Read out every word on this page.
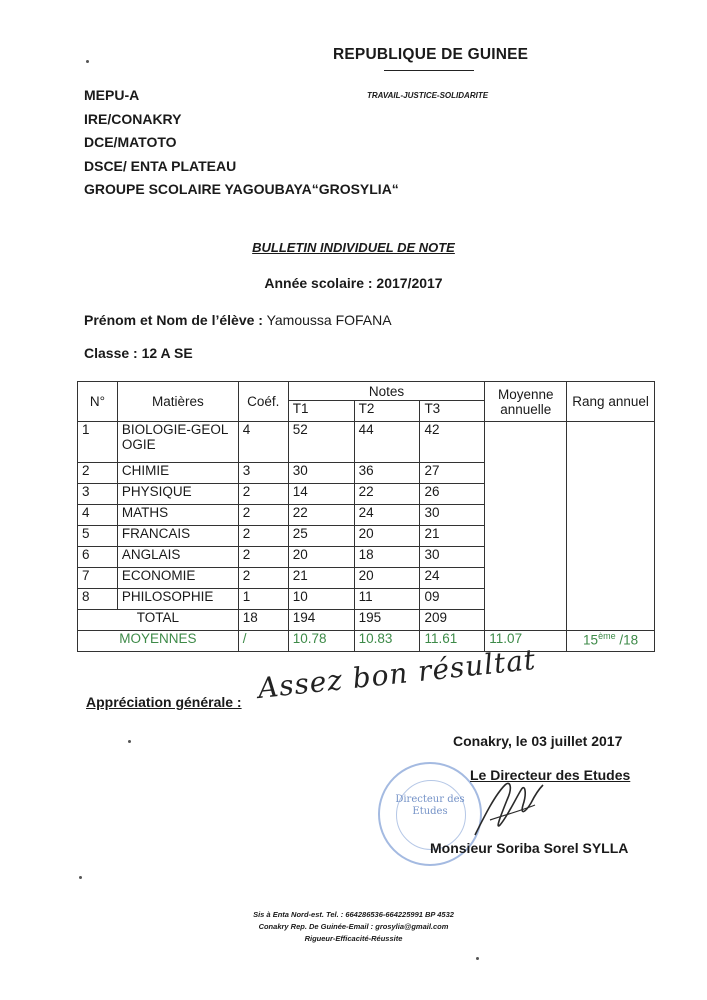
REPUBLIQUE DE GUINEE
TRAVAIL-JUSTICE-SOLIDARITE
MEPU-A
IRE/CONAKRY
DCE/MATOTO
DSCE/ ENTA PLATEAU
GROUPE SCOLAIRE YAGOUBAYA“GROSYLIA“
BULLETIN INDIVIDUEL DE NOTE
Année scolaire : 2017/2017
Prénom et Nom de l’élève : Yamoussa FOFANA
Classe : 12 A SE
N°	Matières	Coéf.	Notes			Moyenne annuelle	Rang annuel
			T1	T2	T3		
1	BIOLOGIE-GEOLOGIE	4	52	44	42		
2	CHIMIE	3	30	36	27		
3	PHYSIQUE	2	14	22	26		
4	MATHS	2	22	24	30		
5	FRANCAIS	2	25	20	21		
6	ANGLAIS	2	20	18	30		
7	ECONOMIE	2	21	20	24		
8	PHILOSOPHIE	1	10	11	09		
TOTAL		18	194	195	209		
MOYENNES		/	10.78	10.83	11.61	11.07	15ème /18
Appréciation générale : Assez bon résultat
Conakry, le 03 juillet 2017
Directeur des Etudes
Le Directeur des Etudes
Monsieur Soriba Sorel SYLLA
Sis à Enta Nord-est. Tel. : 664286536-664225991 BP 4532
Conakry Rep. De Guinée-Email : grosylia@gmail.com
Rigueur-Efficacité-Réussite
